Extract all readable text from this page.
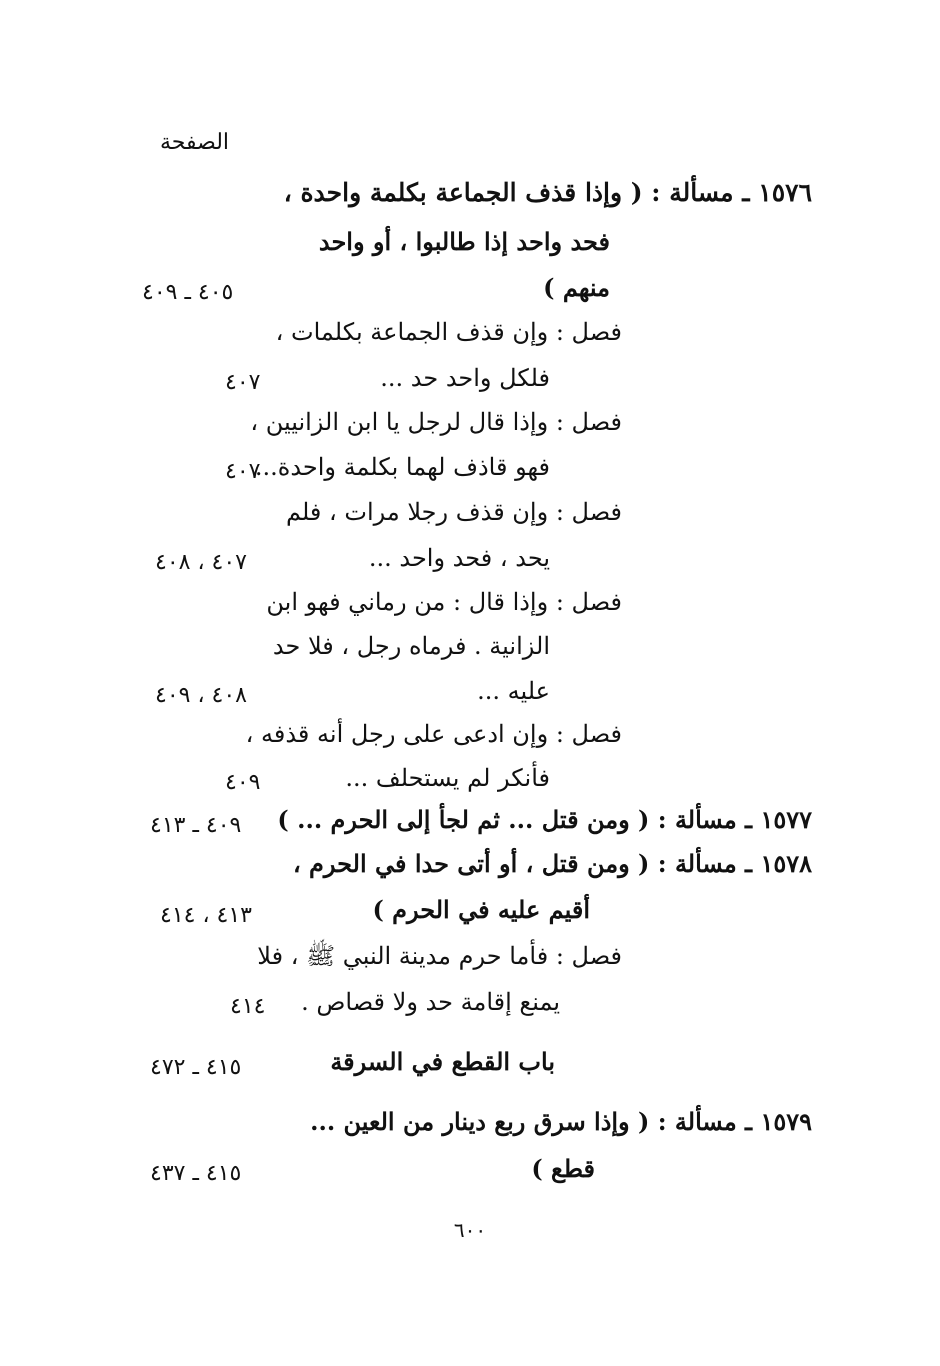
الصفحة
١٥٧٦ ـ مسألة : ( وإذا قذف الجماعة بكلمة واحدة ،
فحد واحد إذا طالبوا ، أو واحد
منهم )
٤٠٥ ـ ٤٠٩
فصل : وإن قذف الجماعة بكلمات ،
فلكل واحد حد ...
٤٠٧
فصل : وإذا قال لرجل يا ابن الزانيين ،
فهو قاذف لهما بكلمة واحدة...
٤٠٧
فصل : وإن قذف رجلا مرات ، فلم
يحد ، فحد واحد ...
٤٠٧ ، ٤٠٨
فصل : وإذا قال : من رماني فهو ابن
الزانية . فرماه رجل ، فلا حد
عليه ...
٤٠٨ ، ٤٠٩
فصل : وإن ادعى على رجل أنه قذفه ،
فأنكر لم يستحلف ...
٤٠٩
١٥٧٧ ـ مسألة : ( ومن قتل ... ثم لجأ إلى الحرم ... )
٤٠٩ ـ ٤١٣
١٥٧٨ ـ مسألة : ( ومن قتل ، أو أتى حدا في الحرم ،
أقيم عليه في الحرم )
٤١٣ ، ٤١٤
فصل : فأما حرم مدينة النبي ﷺ ، فلا
يمنع إقامة حد ولا قصاص .
٤١٤
باب القطع في السرقة
٤١٥ ـ ٤٧٢
١٥٧٩ ـ مسألة : ( وإذا سرق ربع دينار من العين ...
قطع )
٤١٥ ـ ٤٣٧
٦٠٠
